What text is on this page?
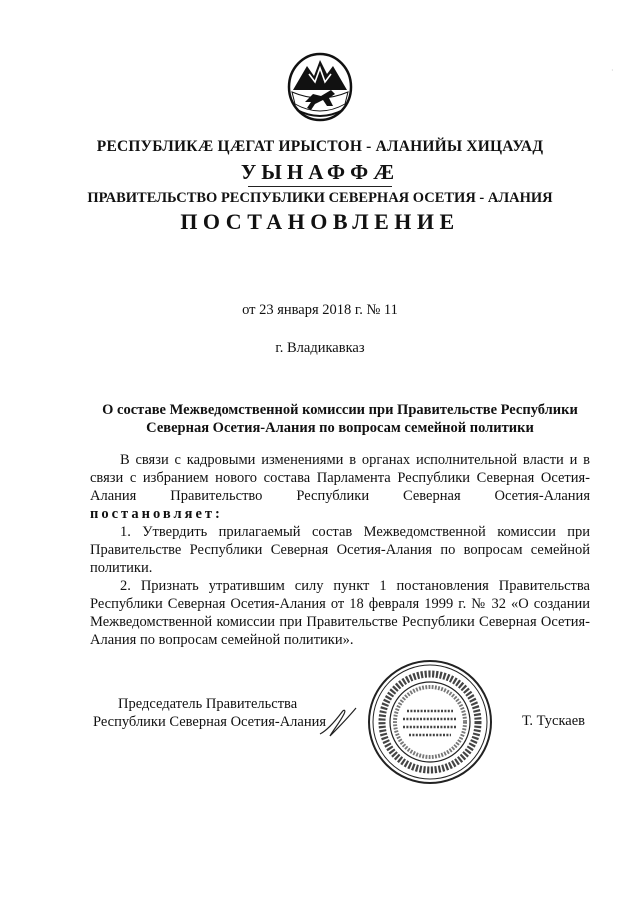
РЕСПУБЛИКÆ ЦÆГАТ ИРЫСТОН - АЛАНИЙЫ ХИЦАУАД
УЫНАФФÆ
ПРАВИТЕЛЬСТВО РЕСПУБЛИКИ СЕВЕРНАЯ ОСЕТИЯ - АЛАНИЯ
ПОСТАНОВЛЕНИЕ
от 23 января 2018 г. № 11
г. Владикавказ
О составе Межведомственной комиссии при Правительстве Республики
Северная Осетия-Алания по вопросам семейной политики

В связи с кадровыми изменениями в органах исполнительной власти и в связи с избранием нового состава Парламента Республики Северная Осетия-Алания Правительство Республики Северная Осетия-Алания постановляет:

1. Утвердить прилагаемый состав Межведомственной комиссии при Правительстве Республики Северная Осетия-Алания по вопросам семейной политики.

2. Признать утратившим силу пункт 1 постановления Правительства Республики Северная Осетия-Алания от 18 февраля 1999 г. № 32 «О создании Межведомственной комиссии при Правительстве Республики Северная Осетия-Алания по вопросам семейной политики».

Председатель Правительства
Республики Северная Осетия-Алания	Т. Тускаев
·
